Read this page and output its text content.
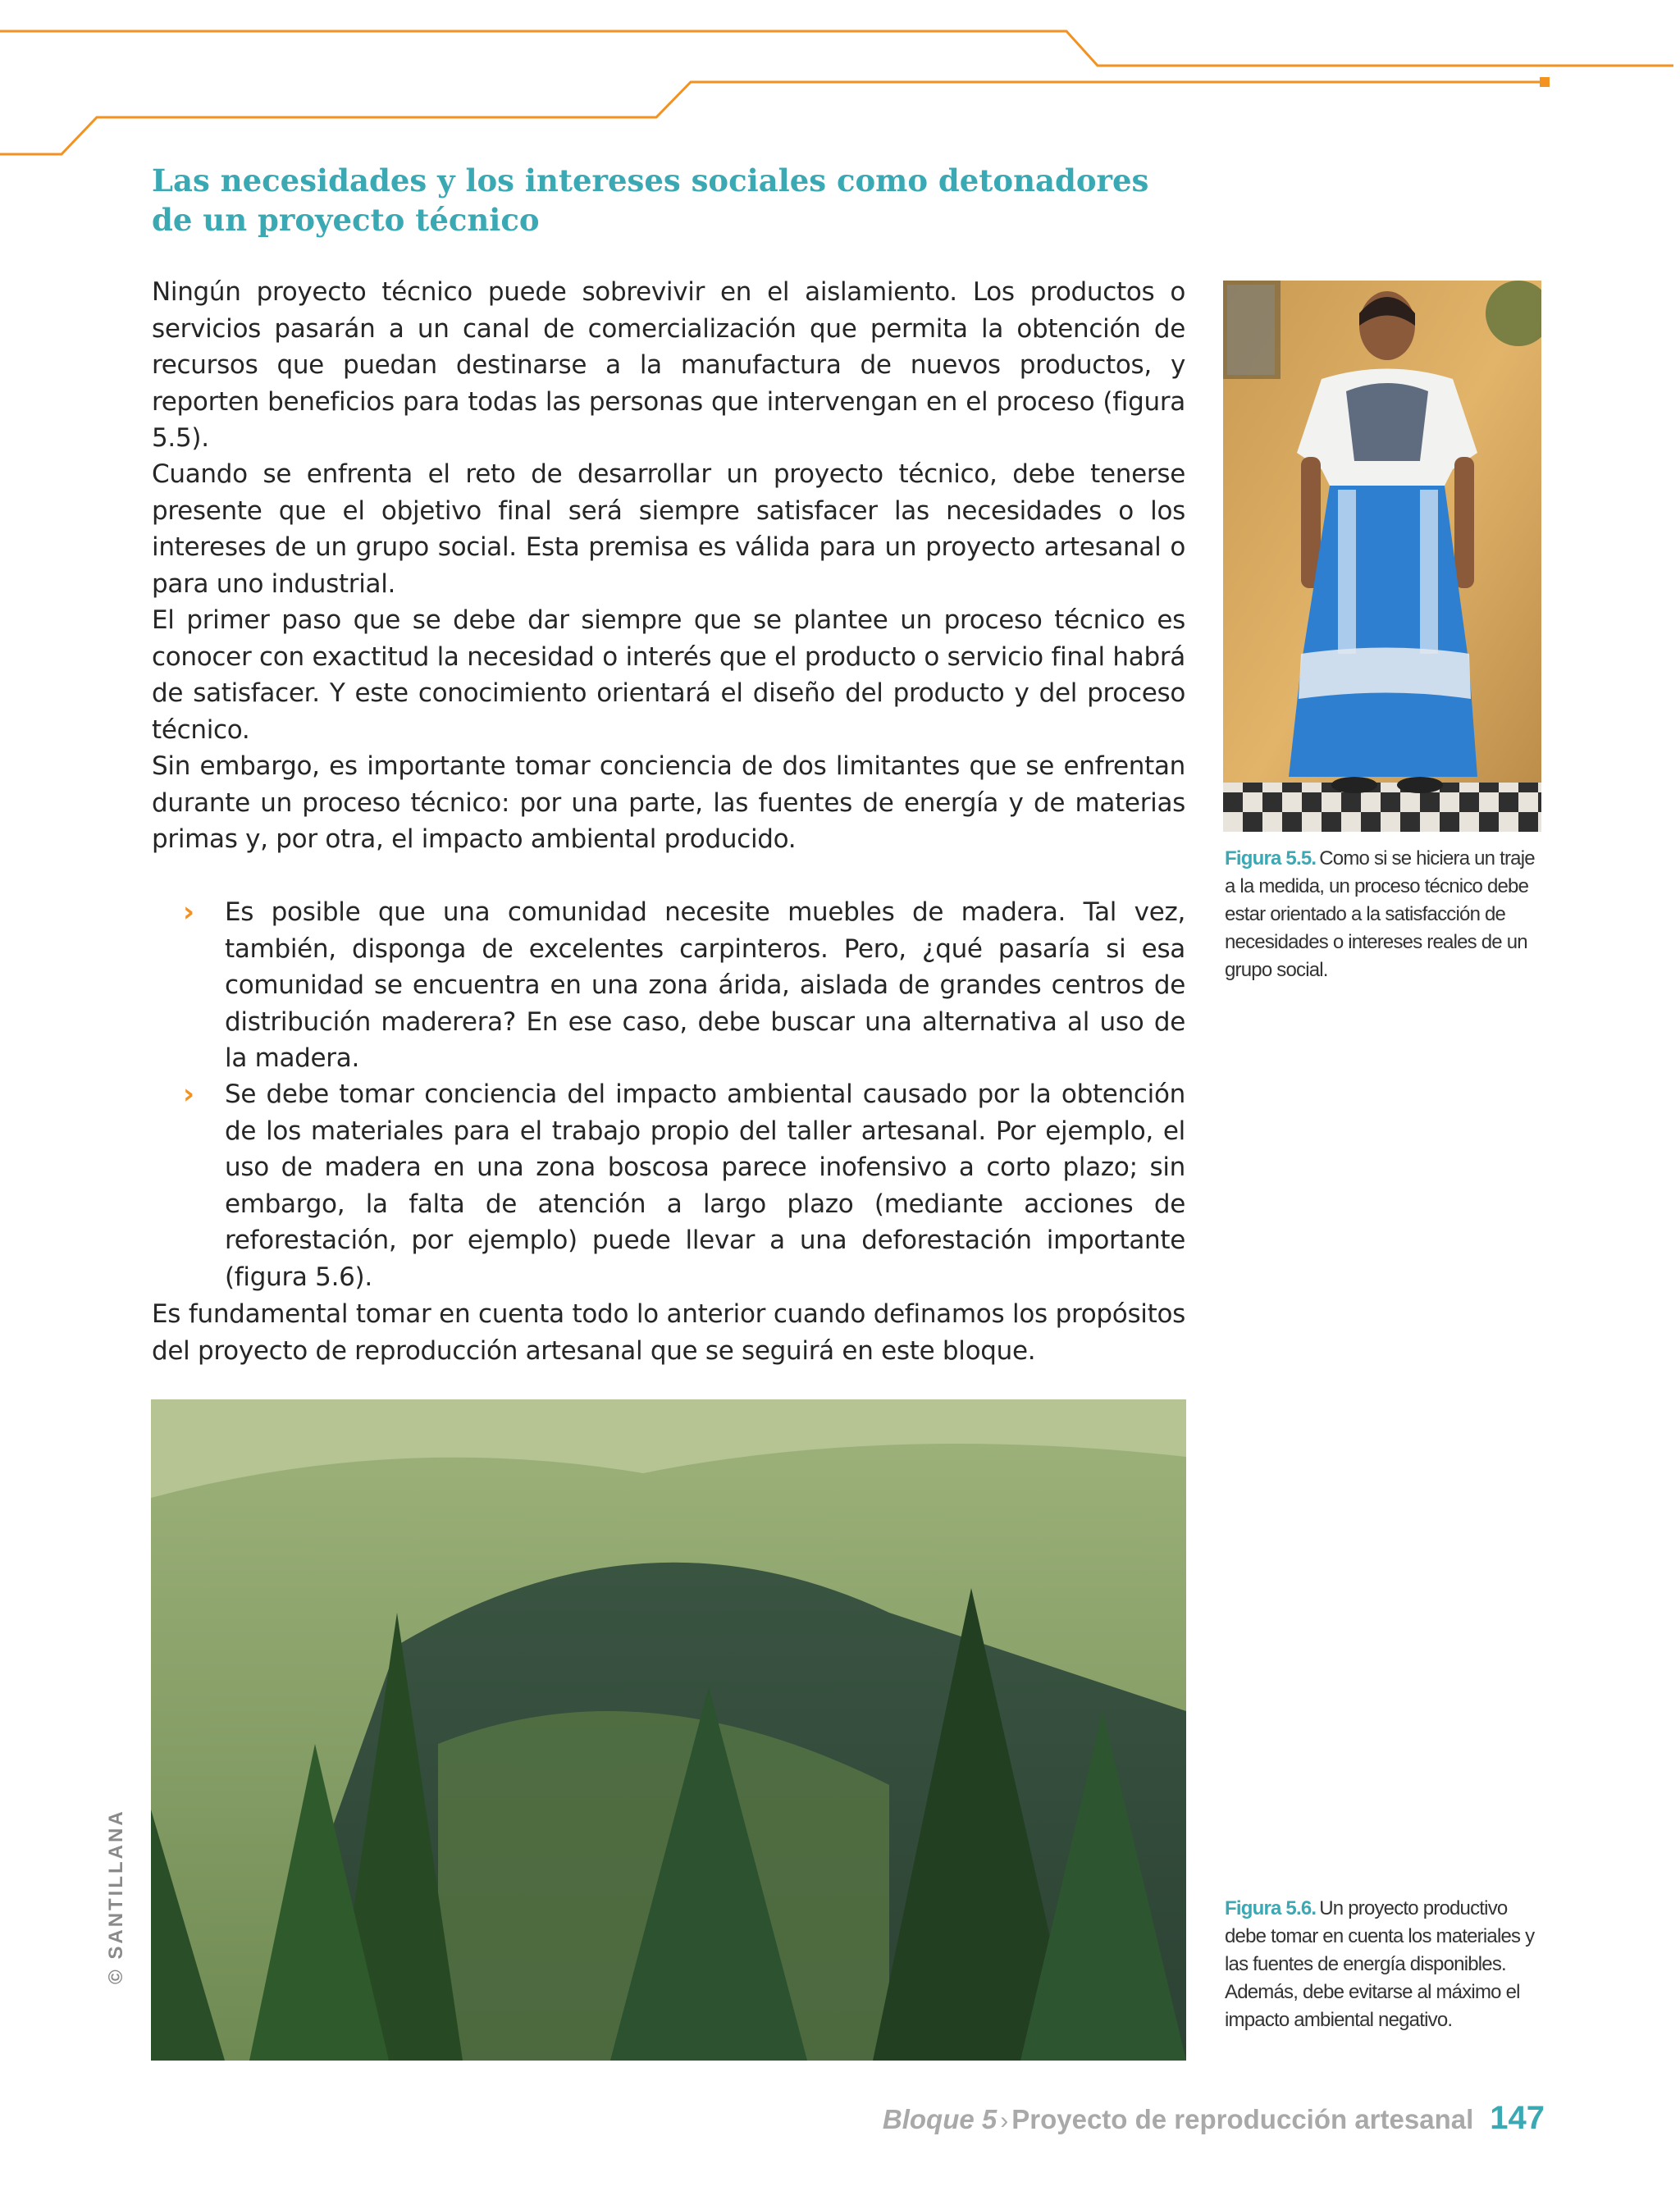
Las necesidades y los intereses sociales como detonadores
de un proyecto técnico

Ningún proyecto técnico puede sobrevivir en el aislamiento. Los productos o servicios pasarán a un canal de comercialización que permita la obtención de recursos que puedan destinarse a la manufactura de nuevos productos, y reporten beneficios para todas las personas que intervengan en el proceso (figura 5.5).

Cuando se enfrenta el reto de desarrollar un proyecto técnico, debe tenerse presente que el objetivo final será siempre satisfacer las necesidades o los intereses de un grupo social. Esta premisa es válida para un proyecto artesanal o para uno industrial.

El primer paso que se debe dar siempre que se plantee un proceso técnico es conocer con exactitud la necesidad o interés que el producto o servicio final habrá de satisfacer. Y este conocimiento orientará el diseño del producto y del proceso técnico.

Sin embargo, es importante tomar conciencia de dos limitantes que se enfrentan durante un proceso técnico: por una parte, las fuentes de energía y de materias primas y, por otra, el impacto ambiental producido.

› Es posible que una comunidad necesite muebles de madera. Tal vez, también, disponga de excelentes carpinteros. Pero, ¿qué pasaría si esa comunidad se encuentra en una zona árida, aislada de grandes centros de distribución maderera? En ese caso, debe buscar una alternativa al uso de la madera.

› Se debe tomar conciencia del impacto ambiental causado por la obtención de los materiales para el trabajo propio del taller artesanal. Por ejemplo, el uso de madera en una zona boscosa parece inofensivo a corto plazo; sin embargo, la falta de atención a largo plazo (mediante acciones de reforestación, por ejemplo) puede llevar a una deforestación importante (figura 5.6).

Es fundamental tomar en cuenta todo lo anterior cuando definamos los propósitos del proyecto de reproducción artesanal que se seguirá en este bloque.

Figura 5.5. Como si se hiciera un traje a la medida, un proceso técnico debe estar orientado a la satisfacción de necesidades o intereses reales de un grupo social.

Figura 5.6. Un proyecto productivo debe tomar en cuenta los materiales y las fuentes de energía disponibles. Además, debe evitarse al máximo el impacto ambiental negativo.

© SANTILLANA
Bloque 5 › Proyecto de reproducción artesanal 147
